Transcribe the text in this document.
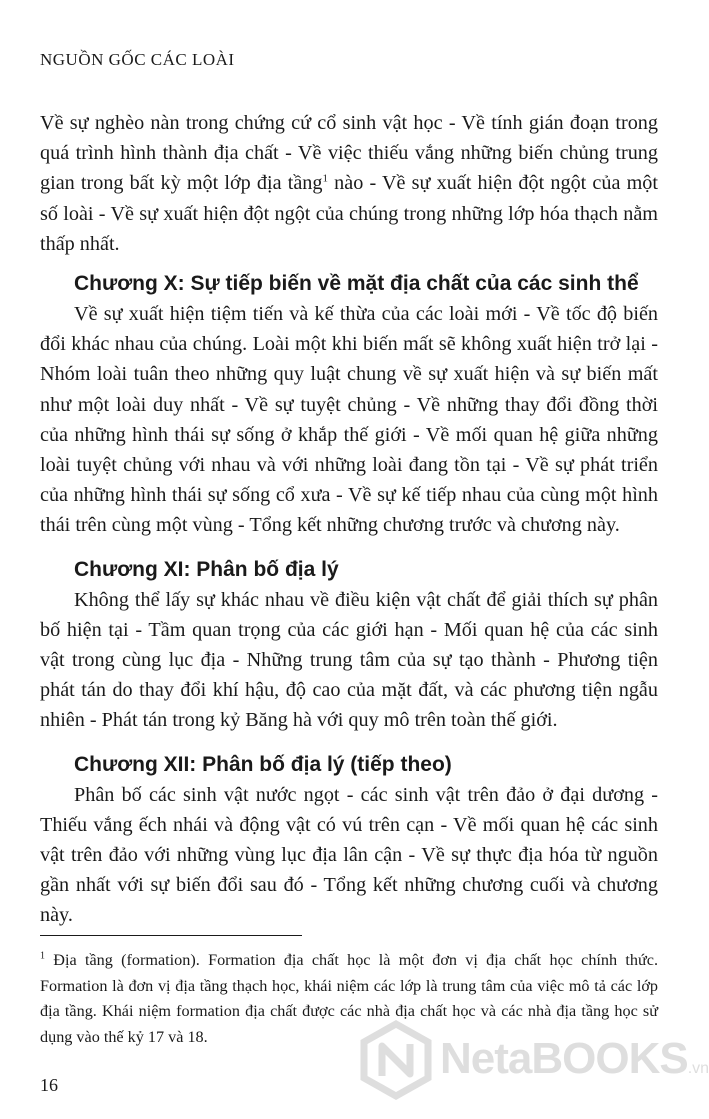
NGUỒN GỐC CÁC LOÀI

Về sự nghèo nàn trong chứng cứ cổ sinh vật học - Về tính gián đoạn trong quá trình hình thành địa chất - Về việc thiếu vắng những biến chủng trung gian trong bất kỳ một lớp địa tầng$^1$ nào - Về sự xuất hiện đột ngột của một số loài - Về sự xuất hiện đột ngột của chúng trong những lớp hóa thạch nằm thấp nhất.

Chương X: Sự tiếp biến về mặt địa chất của các sinh thể

Về sự xuất hiện tiệm tiến và kế thừa của các loài mới - Về tốc độ biến đổi khác nhau của chúng. Loài một khi biến mất sẽ không xuất hiện trở lại - Nhóm loài tuân theo những quy luật chung về sự xuất hiện và sự biến mất như một loài duy nhất - Về sự tuyệt chủng - Về những thay đổi đồng thời của những hình thái sự sống ở khắp thế giới - Về mối quan hệ giữa những loài tuyệt chủng với nhau và với những loài đang tồn tại - Về sự phát triển của những hình thái sự sống cổ xưa - Về sự kế tiếp nhau của cùng một hình thái trên cùng một vùng - Tổng kết những chương trước và chương này.

Chương XI: Phân bố địa lý

Không thể lấy sự khác nhau về điều kiện vật chất để giải thích sự phân bố hiện tại - Tầm quan trọng của các giới hạn - Mối quan hệ của các sinh vật trong cùng lục địa - Những trung tâm của sự tạo thành - Phương tiện phát tán do thay đổi khí hậu, độ cao của mặt đất, và các phương tiện ngẫu nhiên - Phát tán trong kỷ Băng hà với quy mô trên toàn thế giới.

Chương XII: Phân bố địa lý (tiếp theo)

Phân bố các sinh vật nước ngọt - các sinh vật trên đảo ở đại dương - Thiếu vắng ếch nhái và động vật có vú trên cạn - Về mối quan hệ các sinh vật trên đảo với những vùng lục địa lân cận - Về sự thực địa hóa từ nguồn gần nhất với sự biến đổi sau đó - Tổng kết những chương cuối và chương này.

$^1$ Địa tầng (formation). Formation địa chất học là một đơn vị địa chất học chính thức. Formation là đơn vị địa tầng thạch học, khái niệm các lớp là trung tâm của việc mô tả các lớp địa tầng. Khái niệm formation địa chất được các nhà địa chất học và các nhà địa tầng học sử dụng vào thế kỷ 17 và 18.
16
NetaBOOKS.vn
